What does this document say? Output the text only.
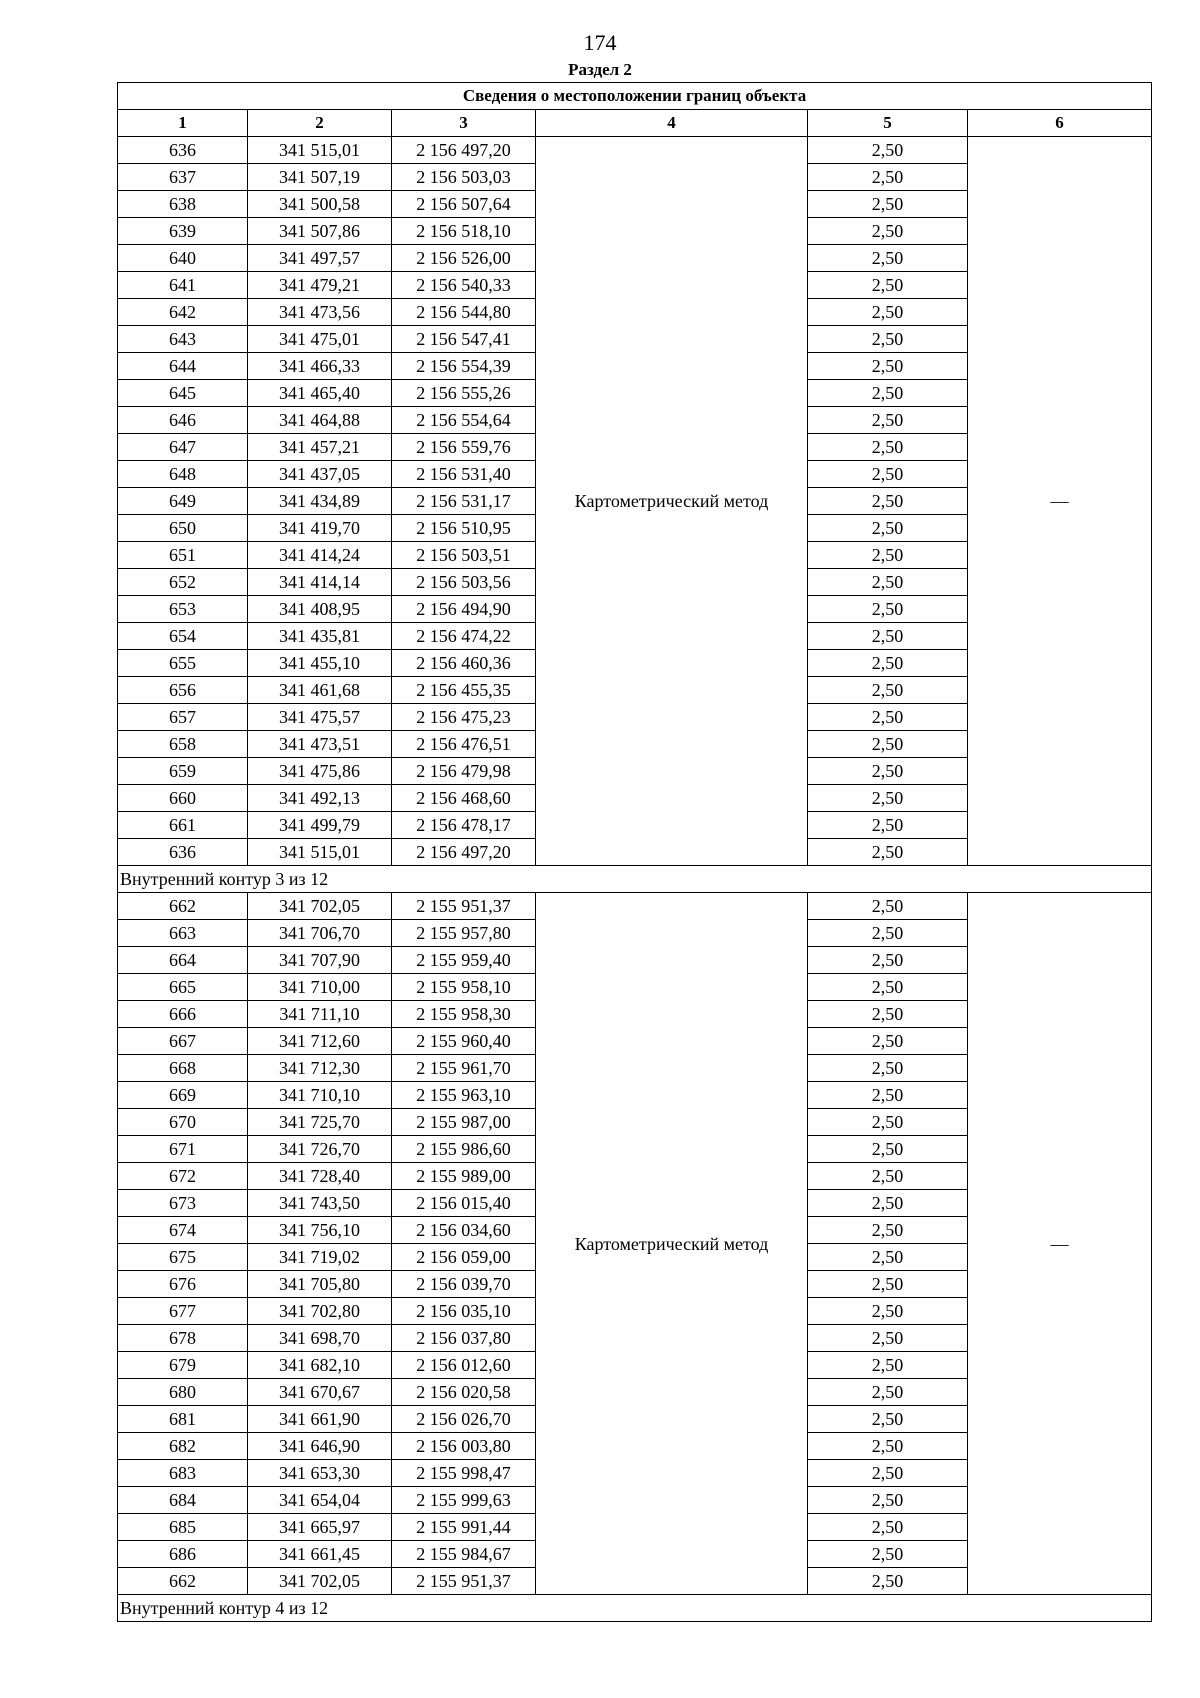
174
Раздел 2
Сведения о местоположении границ объекта					
1	2	3	4	5	6
636	341 515,01	2 156 497,20	Картометрический метод	2,50	—
637	341 507,19	2 156 503,03		2,50	
638	341 500,58	2 156 507,64		2,50	
639	341 507,86	2 156 518,10		2,50	
640	341 497,57	2 156 526,00		2,50	
641	341 479,21	2 156 540,33		2,50	
642	341 473,56	2 156 544,80		2,50	
643	341 475,01	2 156 547,41		2,50	
644	341 466,33	2 156 554,39		2,50	
645	341 465,40	2 156 555,26		2,50	
646	341 464,88	2 156 554,64		2,50	
647	341 457,21	2 156 559,76		2,50	
648	341 437,05	2 156 531,40		2,50	
649	341 434,89	2 156 531,17		2,50	
650	341 419,70	2 156 510,95		2,50	
651	341 414,24	2 156 503,51		2,50	
652	341 414,14	2 156 503,56		2,50	
653	341 408,95	2 156 494,90		2,50	
654	341 435,81	2 156 474,22		2,50	
655	341 455,10	2 156 460,36		2,50	
656	341 461,68	2 156 455,35		2,50	
657	341 475,57	2 156 475,23		2,50	
658	341 473,51	2 156 476,51		2,50	
659	341 475,86	2 156 479,98		2,50	
660	341 492,13	2 156 468,60		2,50	
661	341 499,79	2 156 478,17		2,50	
636	341 515,01	2 156 497,20		2,50	
Внутренний контур 3 из 12					
662	341 702,05	2 155 951,37	Картометрический метод	2,50	—
663	341 706,70	2 155 957,80		2,50	
664	341 707,90	2 155 959,40		2,50	
665	341 710,00	2 155 958,10		2,50	
666	341 711,10	2 155 958,30		2,50	
667	341 712,60	2 155 960,40		2,50	
668	341 712,30	2 155 961,70		2,50	
669	341 710,10	2 155 963,10		2,50	
670	341 725,70	2 155 987,00		2,50	
671	341 726,70	2 155 986,60		2,50	
672	341 728,40	2 155 989,00		2,50	
673	341 743,50	2 156 015,40		2,50	
674	341 756,10	2 156 034,60		2,50	
675	341 719,02	2 156 059,00		2,50	
676	341 705,80	2 156 039,70		2,50	
677	341 702,80	2 156 035,10		2,50	
678	341 698,70	2 156 037,80		2,50	
679	341 682,10	2 156 012,60		2,50	
680	341 670,67	2 156 020,58		2,50	
681	341 661,90	2 156 026,70		2,50	
682	341 646,90	2 156 003,80		2,50	
683	341 653,30	2 155 998,47		2,50	
684	341 654,04	2 155 999,63		2,50	
685	341 665,97	2 155 991,44		2,50	
686	341 661,45	2 155 984,67		2,50	
662	341 702,05	2 155 951,37		2,50	
Внутренний контур 4 из 12					
